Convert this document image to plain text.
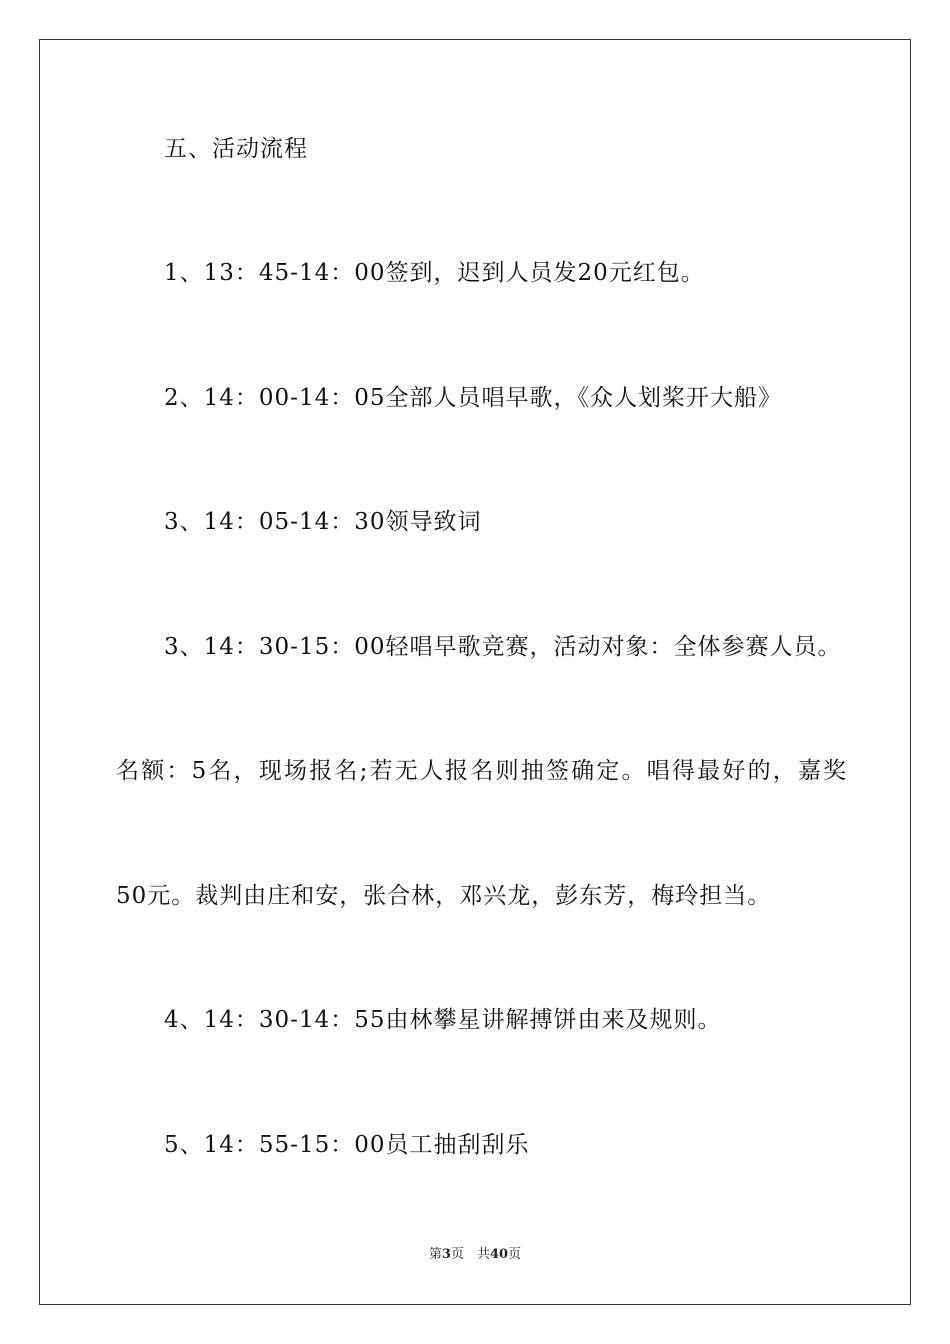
五、活动流程
1、13：45-14：00签到，迟到人员发20元红包。
2、14：00-14：05全部人员唱早歌，《众人划桨开大船》
3、14：05-14：30领导致词
3、14：30-15：00轻唱早歌竞赛，活动对象：全体参赛人员。
名额：5名，现场报名;若无人报名则抽签确定。唱得最好的，嘉奖
50元。裁判由庄和安，张合林，邓兴龙，彭东芳，梅玲担当。
4、14：30-14：55由林攀星讲解搏饼由来及规则。
5、14：55-15：00员工抽刮刮乐
第3页　共40页
